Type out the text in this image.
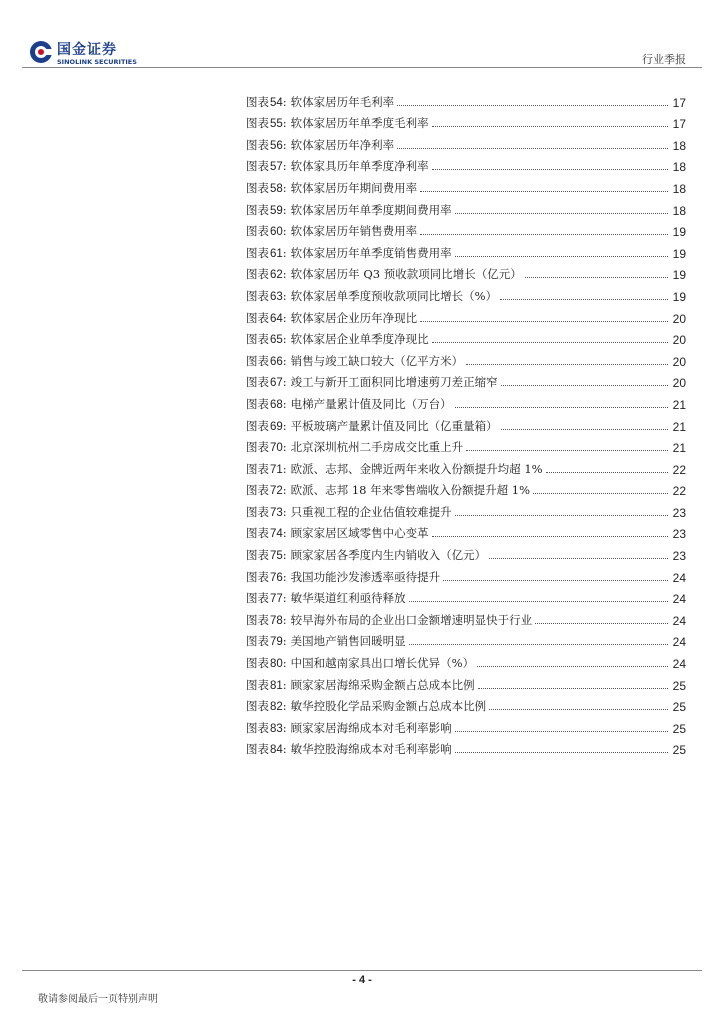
国金证券
SINOLINK SECURITIES	行业季报
图表54: 软体家居历年毛利率	17
图表55: 软体家居历年单季度毛利率	17
图表56: 软体家居历年净利率	18
图表57: 软体家具历年单季度净利率	18
图表58: 软体家居历年期间费用率	18
图表59: 软体家居历年单季度期间费用率	18
图表60: 软体家居历年销售费用率	19
图表61: 软体家居历年单季度销售费用率	19
图表62: 软体家居历年 Q3 预收款项同比增长（亿元）	19
图表63: 软体家居单季度预收款项同比增长（%）	19
图表64: 软体家居企业历年净现比	20
图表65: 软体家居企业单季度净现比	20
图表66: 销售与竣工缺口较大（亿平方米）	20
图表67: 竣工与新开工面积同比增速剪刀差正缩窄	20
图表68: 电梯产量累计值及同比（万台）	21
图表69: 平板玻璃产量累计值及同比（亿重量箱）	21
图表70: 北京深圳杭州二手房成交比重上升	21
图表71: 欧派、志邦、金牌近两年来收入份额提升均超 1%	22
图表72: 欧派、志邦 18 年来零售端收入份额提升超 1%	22
图表73: 只重视工程的企业估值较难提升	23
图表74: 顾家家居区域零售中心变革	23
图表75: 顾家家居各季度内生内销收入（亿元）	23
图表76: 我国功能沙发渗透率亟待提升	24
图表77: 敏华渠道红利亟待释放	24
图表78: 较早海外布局的企业出口金额增速明显快于行业	24
图表79: 美国地产销售回暖明显	24
图表80: 中国和越南家具出口增长优异（%）	24
图表81: 顾家家居海绵采购金额占总成本比例	25
图表82: 敏华控股化学品采购金额占总成本比例	25
图表83: 顾家家居海绵成本对毛利率影响	25
图表84: 敏华控股海绵成本对毛利率影响	25
- 4 -
敬请参阅最后一页特别声明
